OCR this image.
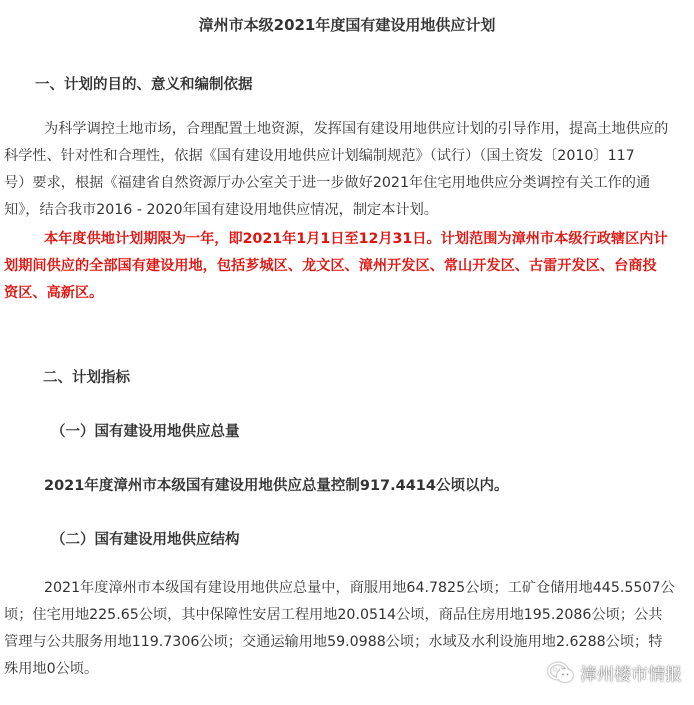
漳州市本级2021年度国有建设用地供应计划
一、计划的目的、意义和编制依据
为科学调控土地市场，合理配置土地资源，发挥国有建设用地供应计划的引导作用，提高土地供应的
科学性、针对性和合理性，依据《国有建设用地供应计划编制规范》（试行）（国土资发〔2010〕117
号）要求，根据《福建省自然资源厅办公室关于进一步做好2021年住宅用地供应分类调控有关工作的通
知》，结合我市2016 - 2020年国有建设用地供应情况，制定本计划。
本年度供地计划期限为一年，即2021年1月1日至12月31日。计划范围为漳州市本级行政辖区内计
划期间供应的全部国有建设用地，包括芗城区、龙文区、漳州开发区、常山开发区、古雷开发区、台商投
资区、高新区。
二、计划指标
（一）国有建设用地供应总量
2021年度漳州市本级国有建设用地供应总量控制917.4414公顷以内。
（二）国有建设用地供应结构
2021年度漳州市本级国有建设用地供应总量中，商服用地64.7825公顷；工矿仓储用地445.5507公
顷；住宅用地225.65公顷，其中保障性安居工程用地20.0514公顷，商品住房用地195.2086公顷；公共
管理与公共服务用地119.7306公顷；交通运输用地59.0988公顷；水域及水利设施用地2.6288公顷；特
殊用地0公顷。	漳州楼市情报
